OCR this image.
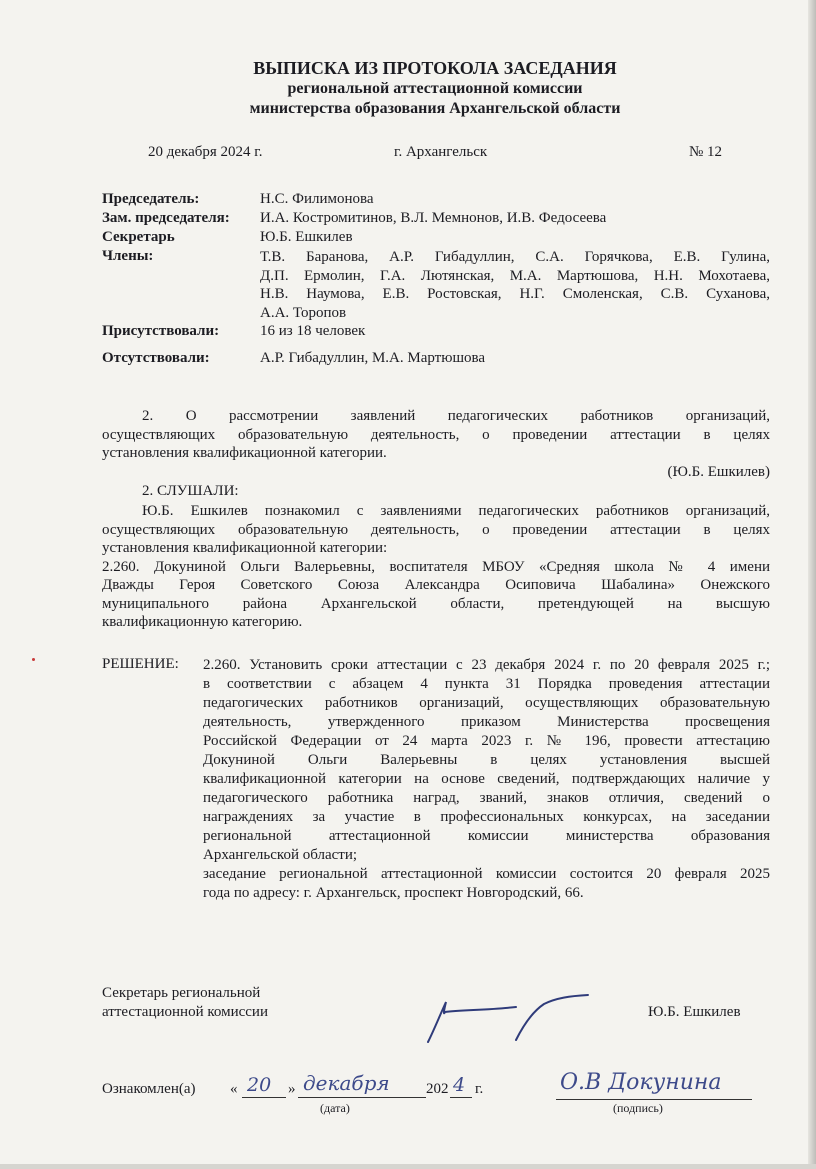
ВЫПИСКА ИЗ ПРОТОКОЛА ЗАСЕДАНИЯ
региональной аттестационной комиссии
министерства образования Архангельской области
20 декабря 2024 г.	г. Архангельск	№ 12
Председатель:	Н.С. Филимонова
Зам. председателя: И.А. Костромитинов, В.Л. Мемнонов, И.В. Федосеева
Секретарь	Ю.Б. Ешкилев
Члены:	Т.В. Баранова, А.Р. Гибадуллин, С.А. Горячкова, Е.В. Гулина,
Д.П. Ермолин, Г.А. Лютянская, М.А. Мартюшова, Н.Н. Мохотаева,
Н.В. Наумова, Е.В. Ростовская, Н.Г. Смоленская, С.В. Суханова,
А.А. Торопов
Присутствовали:	16 из 18 человек
Отсутствовали:	А.Р. Гибадуллин, М.А. Мартюшова
2. О рассмотрении заявлений педагогических работников организаций,
осуществляющих образовательную деятельность, о проведении аттестации в целях
установления квалификационной категории.
(Ю.Б. Ешкилев)
2. СЛУШАЛИ:
Ю.Б. Ешкилев познакомил с заявлениями педагогических работников организаций,
осуществляющих образовательную деятельность, о проведении аттестации в целях
установления квалификационной категории:
2.260. Докуниной Ольги Валерьевны, воспитателя МБОУ «Средняя школа № 4 имени
Дважды Героя Советского Союза Александра Осиповича Шабалина» Онежского
муниципального района Архангельской области, претендующей на высшую
квалификационную категорию.
РЕШЕНИЕ: 2.260. Установить сроки аттестации с 23 декабря 2024 г. по 20 февраля 2025 г.;
в соответствии с абзацем 4 пункта 31 Порядка проведения аттестации
педагогических работников организаций, осуществляющих образовательную
деятельность, утвержденного приказом Министерства просвещения
Российской Федерации от 24 марта 2023 г. № 196, провести аттестацию
Докуниной Ольги Валерьевны в целях установления высшей
квалификационной категории на основе сведений, подтверждающих наличие у
педагогического работника наград, званий, знаков отличия, сведений о
награждениях за участие в профессиональных конкурсах, на заседании
региональной аттестационной комиссии министерства образования
Архангельской области;
заседание региональной аттестационной комиссии состоится 20 февраля 2025
года по адресу: г. Архангельск, проспект Новгородский, 66.
Секретарь региональной
аттестационной комиссии	Ю.Б. Ешкилев
Ознакомлен(а) « 20 » декабря 202 4 г.
(дата)
О.В Докунина
(подпись)
